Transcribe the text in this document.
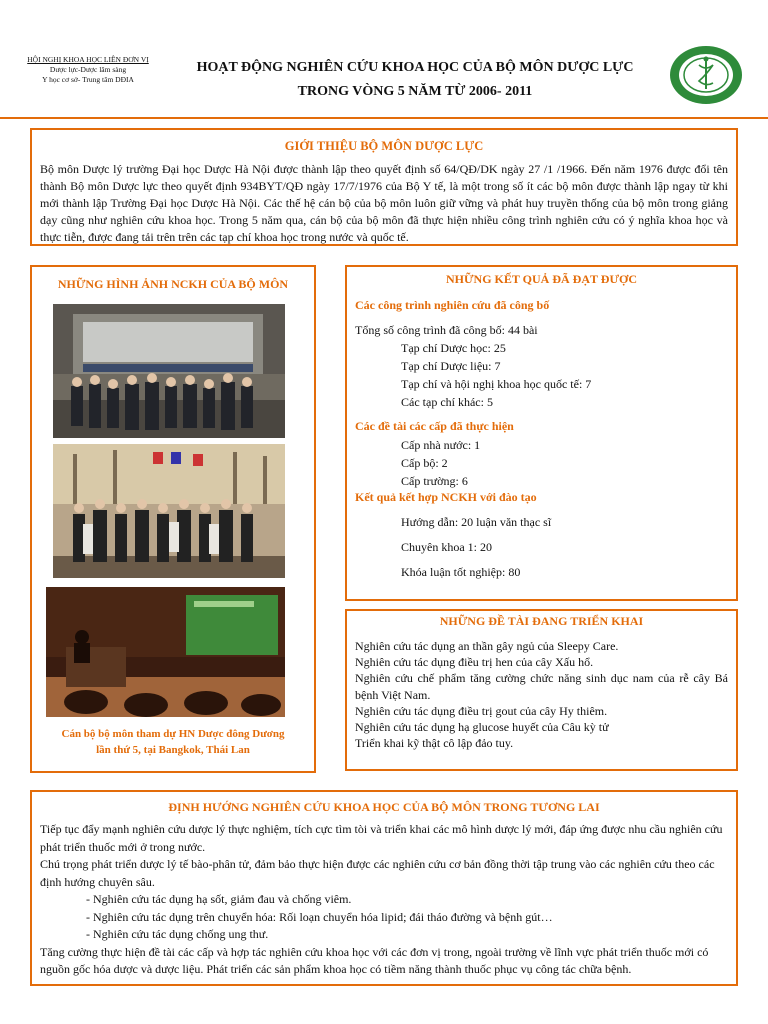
HỘI NGHỊ KHOA HỌC LIÊN ĐƠN VỊ
Dược lực-Dược lâm sàng
Y học cơ sở- Trung tâm DĐIA
HOẠT ĐỘNG NGHIÊN CỨU KHOA HỌC CỦA BỘ MÔN DƯỢC LỰC
TRONG VÒNG 5 NĂM TỪ 2006- 2011
GIỚI THIỆU BỘ MÔN DƯỢC LỰC
Bộ môn Dược lý trường Đại học Dược Hà Nội được thành lập theo quyết định số 64/QĐ/DK ngày 27 /1 /1966. Đến năm 1976 được đổi tên thành Bộ môn Dược lực theo quyết định 934BYT/QĐ ngày 17/7/1976 của Bộ Y tế, là một trong số ít các bộ môn được thành lập ngay từ khi mới thành lập Trường Đại học Dược Hà Nội. Các thế hệ cán bộ của bộ môn luôn giữ vững và phát huy truyền thống của bộ môn trong giảng dạy cũng như nghiên cứu khoa học. Trong 5 năm qua, cán bộ của bộ môn đã thực hiện nhiều công trình nghiên cứu có ý nghĩa khoa học và thực tiễn, được đang tải trên trên các tạp chí khoa học trong nước và quốc tế.
NHỮNG HÌNH ẢNH NCKH CỦA BỘ MÔN
Cán bộ bộ môn tham dự HN Dược đông Dương
lần thứ 5, tại Bangkok, Thái Lan
NHỮNG KẾT QUẢ ĐÃ ĐẠT ĐƯỢC
Các công trình nghiên cứu đã công bố
Tổng số công trình đã công bố: 44 bài
Tạp chí Dược học: 25
Tạp chí Dược liệu: 7
Tạp chí và hội nghị khoa học quốc tế: 7
Các tạp chí khác: 5
Các đề tài các cấp đã thực hiện
Cấp nhà nước: 1
Cấp bộ: 2
Cấp trường: 6
Kết quả kết hợp NCKH với đào tạo
Hướng dẫn: 20 luận văn thạc sĩ
Chuyên khoa 1: 20
Khóa luận tốt nghiệp: 80
NHỮNG ĐỀ TÀI ĐANG TRIỂN KHAI
Nghiên cứu tác dụng an thần gây ngủ của Sleepy Care.
Nghiên cứu tác dụng điều trị hen của cây Xấu hổ.
Nghiên cứu chế phẩm tăng cường chức năng sinh dục nam của rễ cây Bá bệnh Việt Nam.
Nghiên cứu tác dụng điều trị gout của cây Hy thiêm.
Nghiên cứu tác dụng hạ glucose huyết của Câu kỳ tử
Triển khai kỹ thật cô lập đảo tuy.
ĐỊNH HƯỚNG NGHIÊN CỨU KHOA HỌC CỦA BỘ MÔN TRONG TƯƠNG LAI
Tiếp tục đẩy mạnh nghiên cứu dược lý thực nghiệm, tích cực tìm tòi và triển khai các mô hình dược lý mới, đáp ứng được nhu cầu nghiên cứu phát triển thuốc mới ở trong nước.
Chú trọng phát triển dược lý tế bào-phân tử, đảm bảo thực hiện được các nghiên cứu cơ bản đồng thời tập trung vào các nghiên cứu theo các định hướng chuyên sâu.
- Nghiên cứu tác dụng hạ sốt, giảm đau và chống viêm.
- Nghiên cứu tác dụng trên chuyển hóa: Rối loạn chuyển hóa lipid; đái tháo đường và bệnh gút…
- Nghiên cứu tác dụng chống ung thư.
Tăng cường thực hiện đề tài các cấp và hợp tác nghiên cứu khoa học với các đơn vị trong, ngoài trường về lĩnh vực phát triển thuốc mới có nguồn gốc hóa dược và dược liệu. Phát triển các sản phẩm khoa học có tiềm năng thành thuốc phục vụ công tác chữa bệnh.
